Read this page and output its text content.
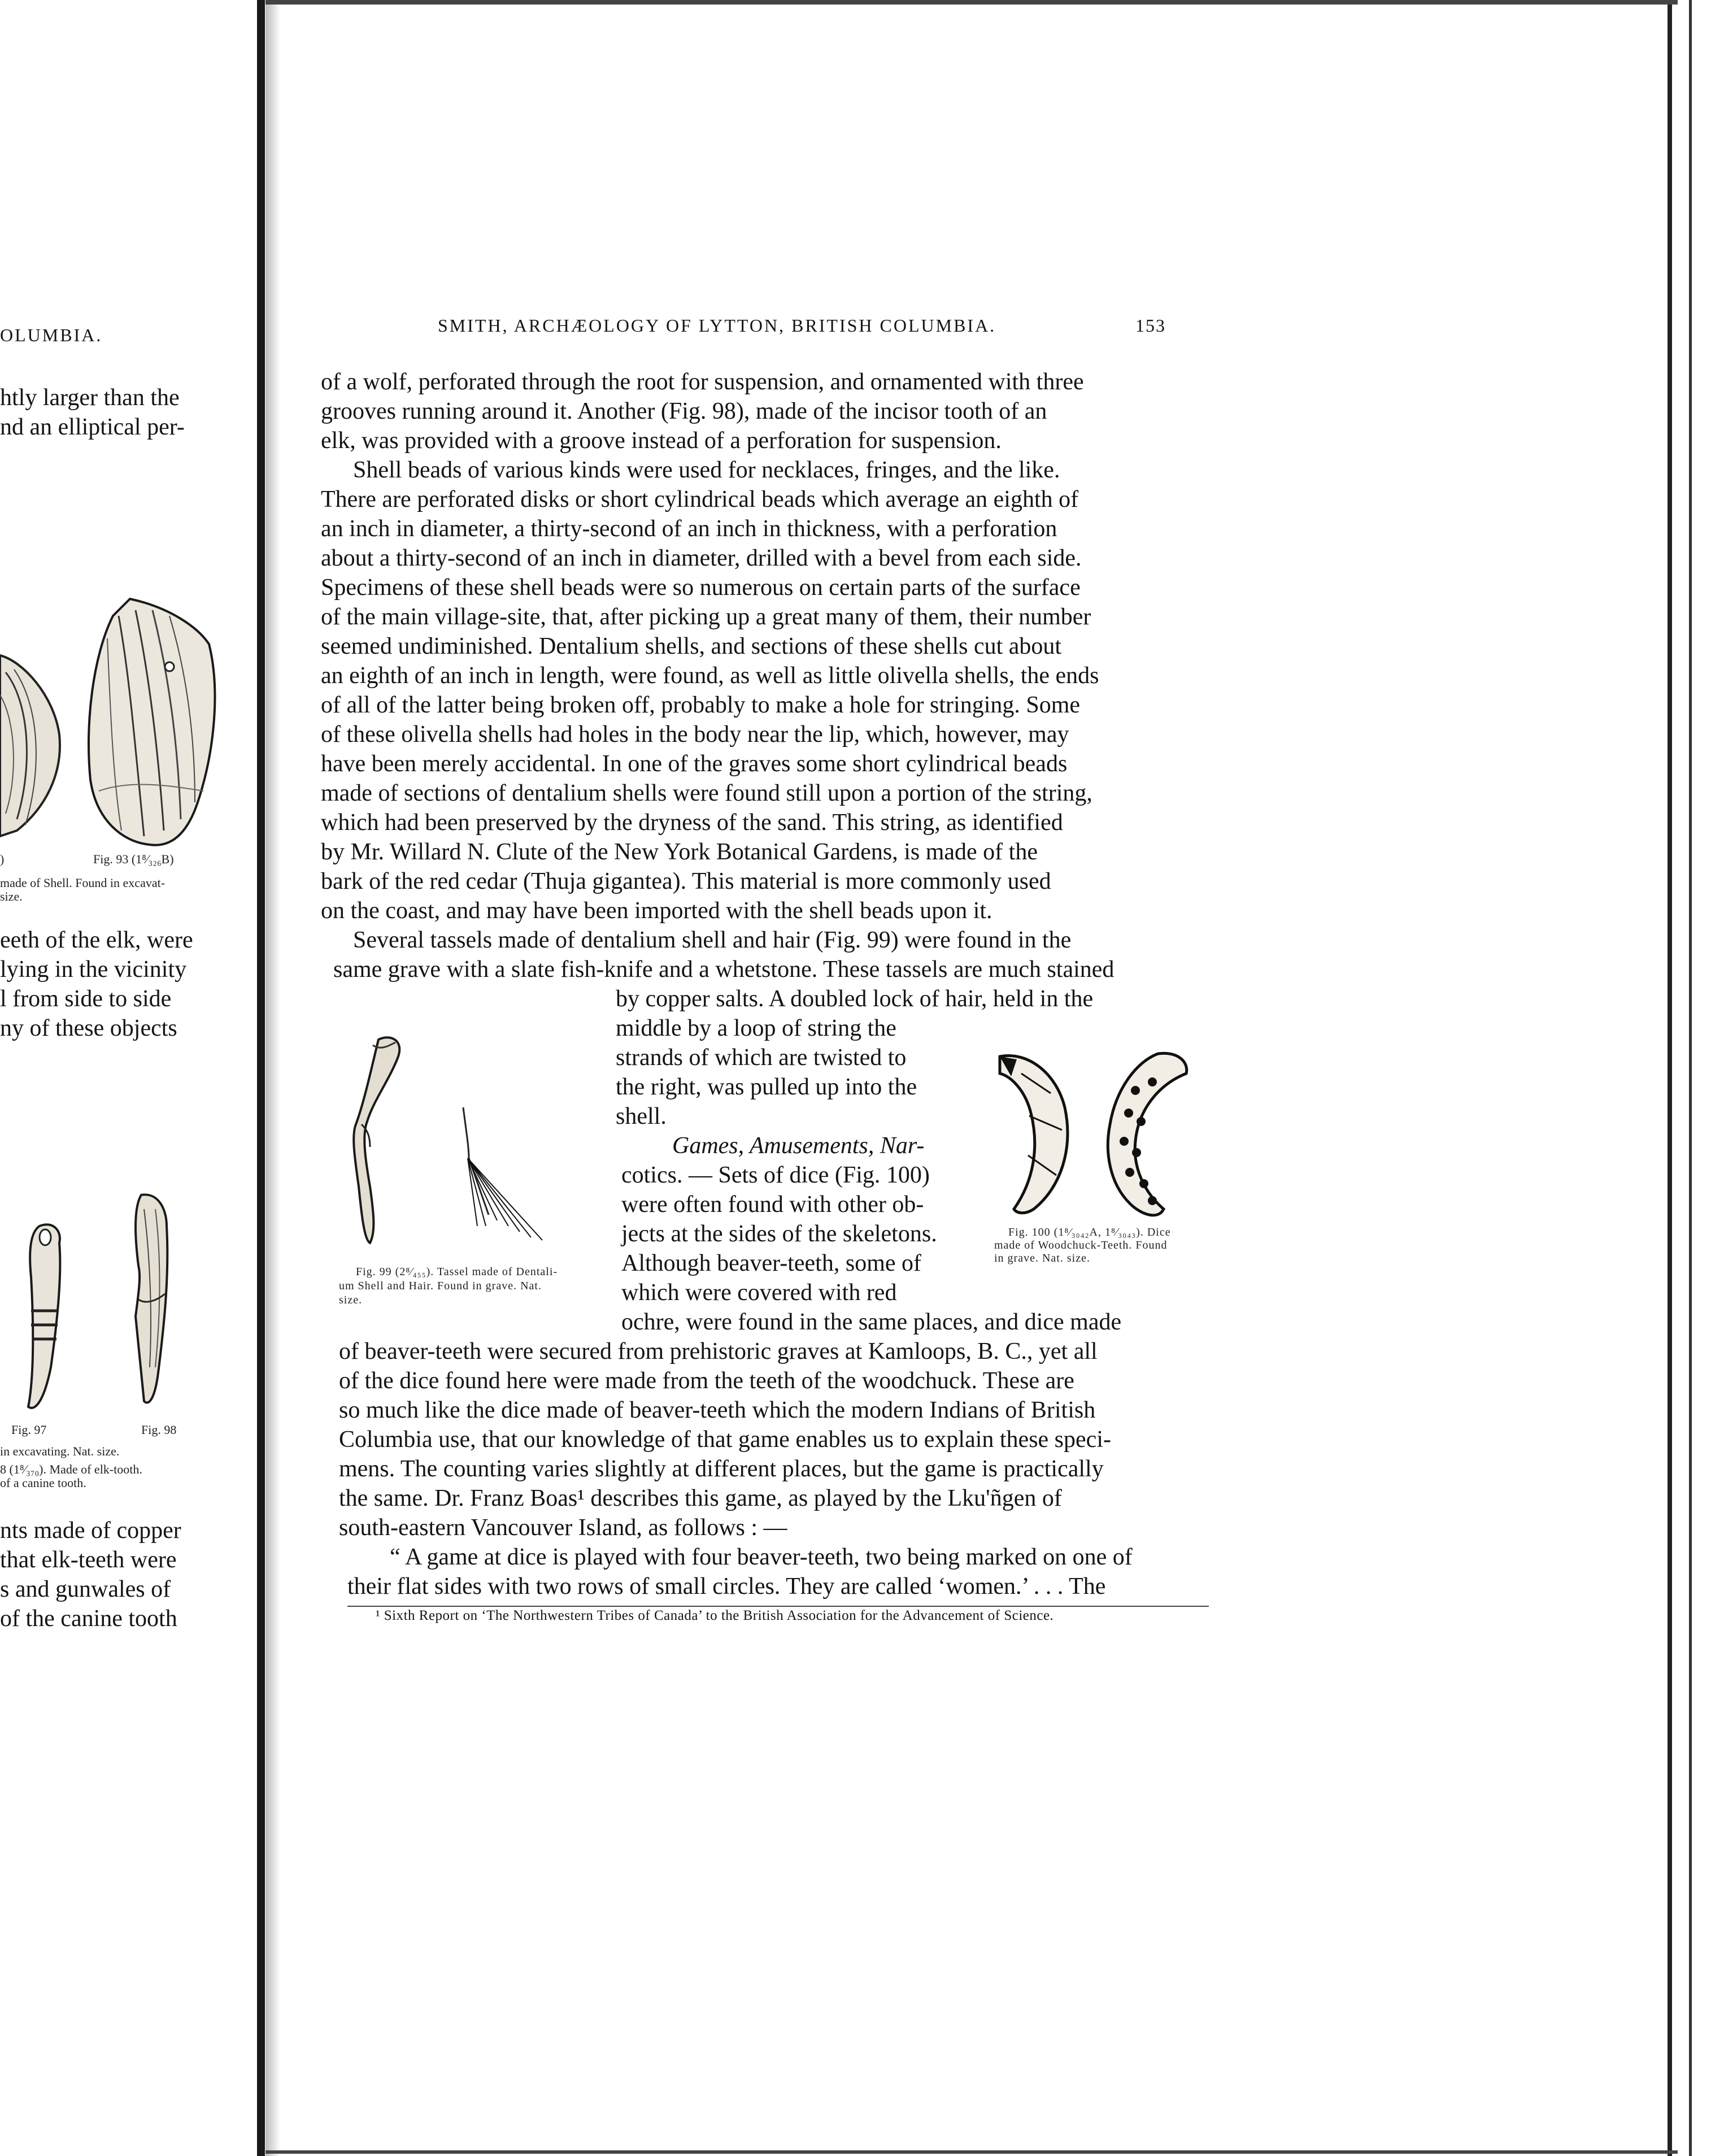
OLUMBIA.
htly larger than the
nd an elliptical per-
)	Fig. 93 (1⁸⁄₃₂₆B)
made of Shell. Found in excavat-
size.
eeth of the elk, were
lying in the vicinity
l from side to side
ny of these objects
Fig. 97	Fig. 98
in excavating. Nat. size.
8 (1⁸⁄₃₇₀). Made of elk-tooth.
of a canine tooth.
nts made of copper
that elk-teeth were
s and gunwales of
of the canine tooth
SMITH, ARCHÆOLOGY OF LYTTON, BRITISH COLUMBIA.	153
of a wolf, perforated through the root for suspension, and ornamented with three
grooves running around it. Another (Fig. 98), made of the incisor tooth of an
elk, was provided with a groove instead of a perforation for suspension.
Shell beads of various kinds were used for necklaces, fringes, and the like.
There are perforated disks or short cylindrical beads which average an eighth of
an inch in diameter, a thirty-second of an inch in thickness, with a perforation
about a thirty-second of an inch in diameter, drilled with a bevel from each side.
Specimens of these shell beads were so numerous on certain parts of the surface
of the main village-site, that, after picking up a great many of them, their number
seemed undiminished. Dentalium shells, and sections of these shells cut about
an eighth of an inch in length, were found, as well as little olivella shells, the ends
of all of the latter being broken off, probably to make a hole for stringing. Some
of these olivella shells had holes in the body near the lip, which, however, may
have been merely accidental. In one of the graves some short cylindrical beads
made of sections of dentalium shells were found still upon a portion of the string,
which had been preserved by the dryness of the sand. This string, as identified
by Mr. Willard N. Clute of the New York Botanical Gardens, is made of the
bark of the red cedar (Thuja gigantea). This material is more commonly used
on the coast, and may have been imported with the shell beads upon it.
Several tassels made of dentalium shell and hair (Fig. 99) were found in the
same grave with a slate fish-knife and a whetstone. These tassels are much stained
Fig. 99 (2⁸⁄₄₅₅). Tassel made of Dentali-
um Shell and Hair. Found in grave. Nat.
size.
by copper salts. A doubled lock of hair, held in the
middle by a loop of string the
strands of which are twisted to
the right, was pulled up into the
shell.
Games, Amusements, Nar-
cotics. — Sets of dice (Fig. 100)
were often found with other ob-
jects at the sides of the skeletons.
Although beaver-teeth, some of
which were covered with red
ochre, were found in the same places, and dice made
Fig. 100 (1⁸⁄₃₀₄₂A, 1⁸⁄₃₀₄₃). Dice
made of Woodchuck-Teeth. Found
in grave. Nat. size.
of beaver-teeth were secured from prehistoric graves at Kamloops, B. C., yet all
of the dice found here were made from the teeth of the woodchuck. These are
so much like the dice made of beaver-teeth which the modern Indians of British
Columbia use, that our knowledge of that game enables us to explain these speci-
mens. The counting varies slightly at different places, but the game is practically
the same. Dr. Franz Boas¹ describes this game, as played by the Lku'ñgen of
south-eastern Vancouver Island, as follows : —
“ A game at dice is played with four beaver-teeth, two being marked on one of
their flat sides with two rows of small circles. They are called ‘women.’ . . . The
¹ Sixth Report on ‘The Northwestern Tribes of Canada’ to the British Association for the Advancement of Science.
